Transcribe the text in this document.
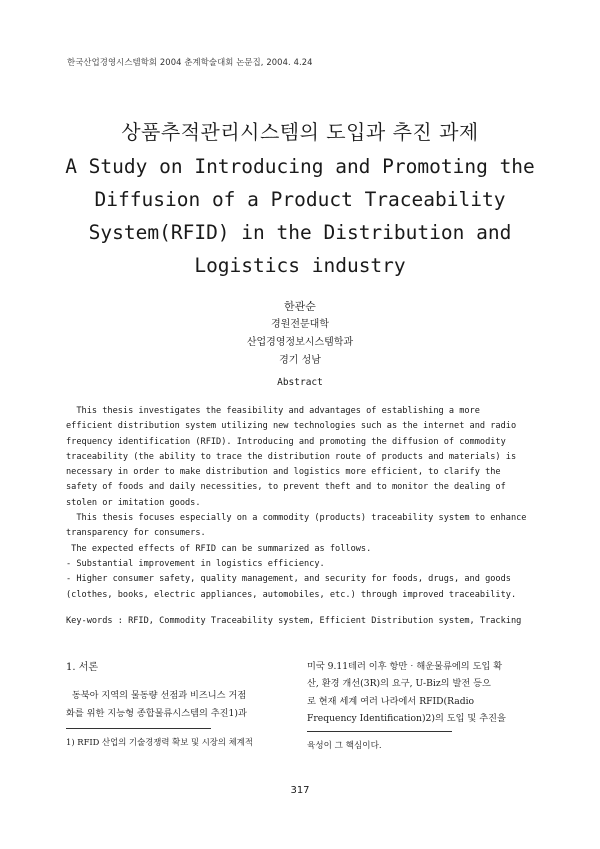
한국산업경영시스템학회 2004 춘계학술대회 논문집, 2004. 4.24
상품추적관리시스템의 도입과 추진 과제
A Study on Introducing and Promoting the
Diffusion of a Product Traceability
System(RFID) in the Distribution and
Logistics industry
한관순
경원전문대학
산업경영정보시스템학과
경기 성남
Abstract
This thesis investigates the feasibility and advantages of establishing a more
efficient distribution system utilizing new technologies such as the internet and radio
frequency identification (RFID). Introducing and promoting the diffusion of commodity
traceability (the ability to trace the distribution route of products and materials) is
necessary in order to make distribution and logistics more efficient, to clarify the
safety of foods and daily necessities, to prevent theft and to monitor the dealing of
stolen or imitation goods.
This thesis focuses especially on a commodity (products) traceability system to enhance
transparency for consumers.
The expected effects of RFID can be summarized as follows.
- Substantial improvement in logistics efficiency.
- Higher consumer safety, quality management, and security for foods, drugs, and goods
(clothes, books, electric appliances, automobiles, etc.) through improved traceability.
Key-words : RFID, Commodity Traceability system, Efficient Distribution system, Tracking
1. 서론
동북아 지역의 물동량 선점과 비즈니스 거점
화를 위한 지능형 종합물류시스템의 추진1)과
1) RFID 산업의 기술경쟁력 확보 및 시장의 체계적
미국 9.11테러 이후 항만‧해운물류에의 도입 확
산, 환경 개선(3R)의 요구, U-Biz의 발전 등으
로 현재 세계 여러 나라에서 RFID(Radio
Frequency Identification)2)의 도입 및 추진을
육성이 그 핵심이다.
317
